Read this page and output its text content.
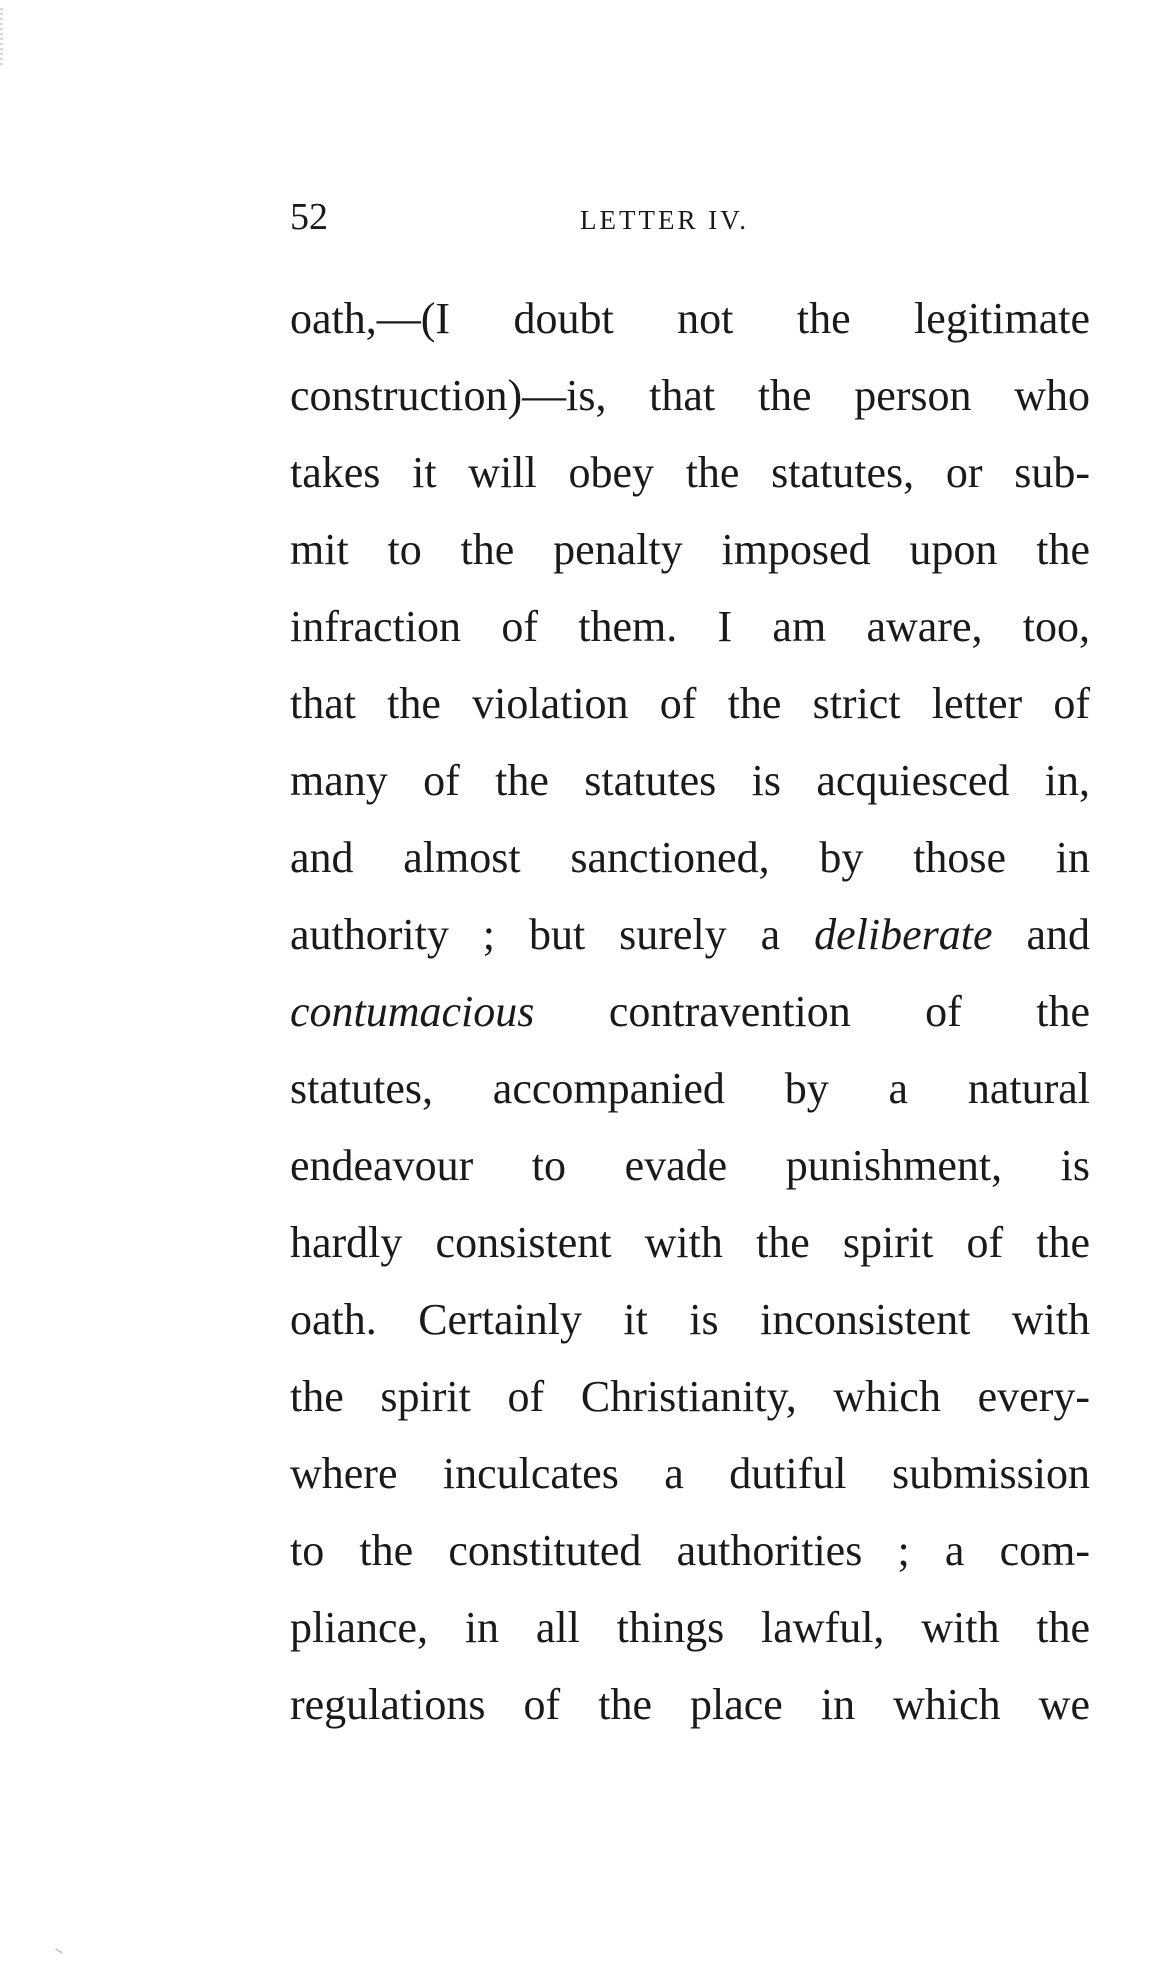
52	LETTER IV.
oath,—(I doubt not the legitimate
construction)—is, that the person who
takes it will obey the statutes, or sub-
mit to the penalty imposed upon the
infraction of them. I am aware, too,
that the violation of the strict letter of
many of the statutes is acquiesced in,
and almost sanctioned, by those in
authority ; but surely a deliberate and
contumacious contravention of the
statutes, accompanied by a natural
endeavour to evade punishment, is
hardly consistent with the spirit of the
oath. Certainly it is inconsistent with
the spirit of Christianity, which every-
where inculcates a dutiful submission
to the constituted authorities ; a com-
pliance, in all things lawful, with the
regulations of the place in which we
